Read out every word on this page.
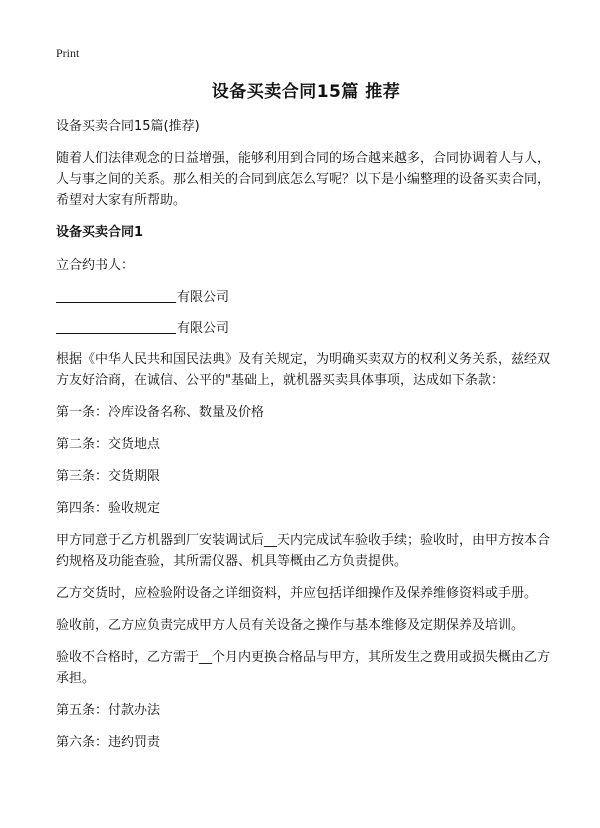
Print
设备买卖合同15篇 推荐

设备买卖合同15篇(推荐)

随着人们法律观念的日益增强，能够利用到合同的场合越来越多，合同协调着人与人，人与事之间的关系。那么相关的合同到底怎么写呢？以下是小编整理的设备买卖合同，希望对大家有所帮助。

设备买卖合同1

立合约书人：

有限公司

有限公司

根据《中华人民共和国民法典》及有关规定，为明确买卖双方的权利义务关系，兹经双方友好洽商，在诚信、公平的"基础上，就机器买卖具体事项，达成如下条款：

第一条：冷库设备名称、数量及价格

第二条：交货地点

第三条：交货期限

第四条：验收规定

甲方同意于乙方机器到厂安装调试后__天内完成试车验收手续；验收时，由甲方按本合约规格及功能查验，其所需仪器、机具等概由乙方负责提供。

乙方交货时，应检验附设备之详细资料，并应包括详细操作及保养维修资料或手册。

验收前，乙方应负责完成甲方人员有关设备之操作与基本维修及定期保养及培训。

验收不合格时，乙方需于__个月内更换合格品与甲方，其所发生之费用或损失概由乙方承担。

第五条：付款办法

第六条：违约罚责
